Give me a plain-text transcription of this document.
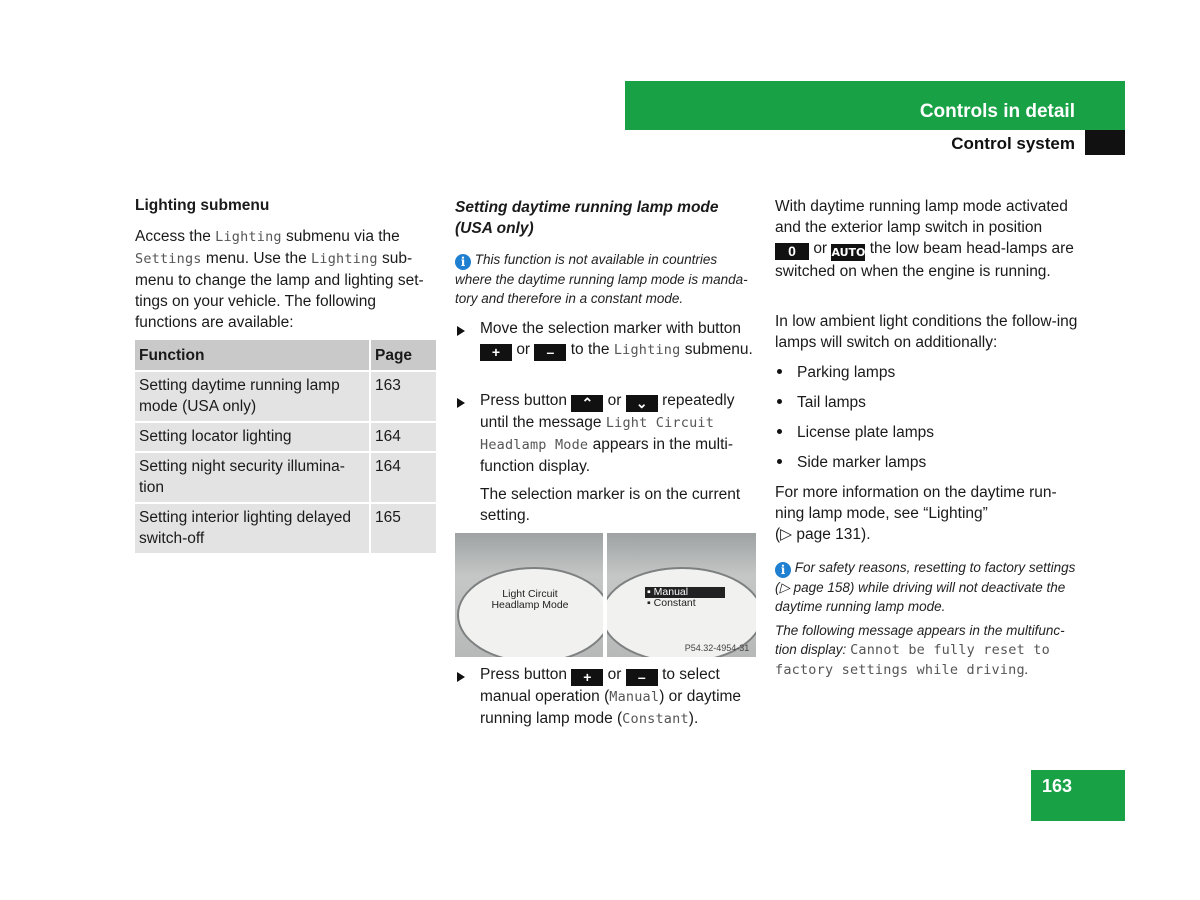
Controls in detail
Control system
Lighting submenu
Access the Lighting submenu via the Settings menu. Use the Lighting sub-menu to change the lamp and lighting set-tings on your vehicle. The following functions are available:
Function	Page
Setting daytime running lamp mode (USA only)	163
Setting locator lighting	164
Setting night security illumina-tion	164
Setting interior lighting delayed switch-off	165
Setting daytime running lamp mode (USA only)
i This function is not available in countries where the daytime running lamp mode is manda-tory and therefore in a constant mode.
Move the selection marker with button + or – to the Lighting submenu.
Press button ⌃ or ⌄ repeatedly until the message Light Circuit Headlamp Mode appears in the multi-function display.
The selection marker is on the current setting.
Light Circuit
Headlamp Mode
▪ Manual
▪ Constant
P54.32-4954-31
Press button + or – to select manual operation (Manual) or daytime running lamp mode (Constant).
With daytime running lamp mode activated and the exterior lamp switch in position 0 or AUTO the low beam head-lamps are switched on when the engine is running.
In low ambient light conditions the follow-ing lamps will switch on additionally:
Parking lamps
Tail lamps
License plate lamps
Side marker lamps
For more information on the daytime run-ning lamp mode, see “Lighting”
(▷ page 131).
i For safety reasons, resetting to factory settings (▷ page 158) while driving will not deactivate the daytime running lamp mode.
The following message appears in the multifunc-tion display: Cannot be fully reset to factory settings while driving.
163
